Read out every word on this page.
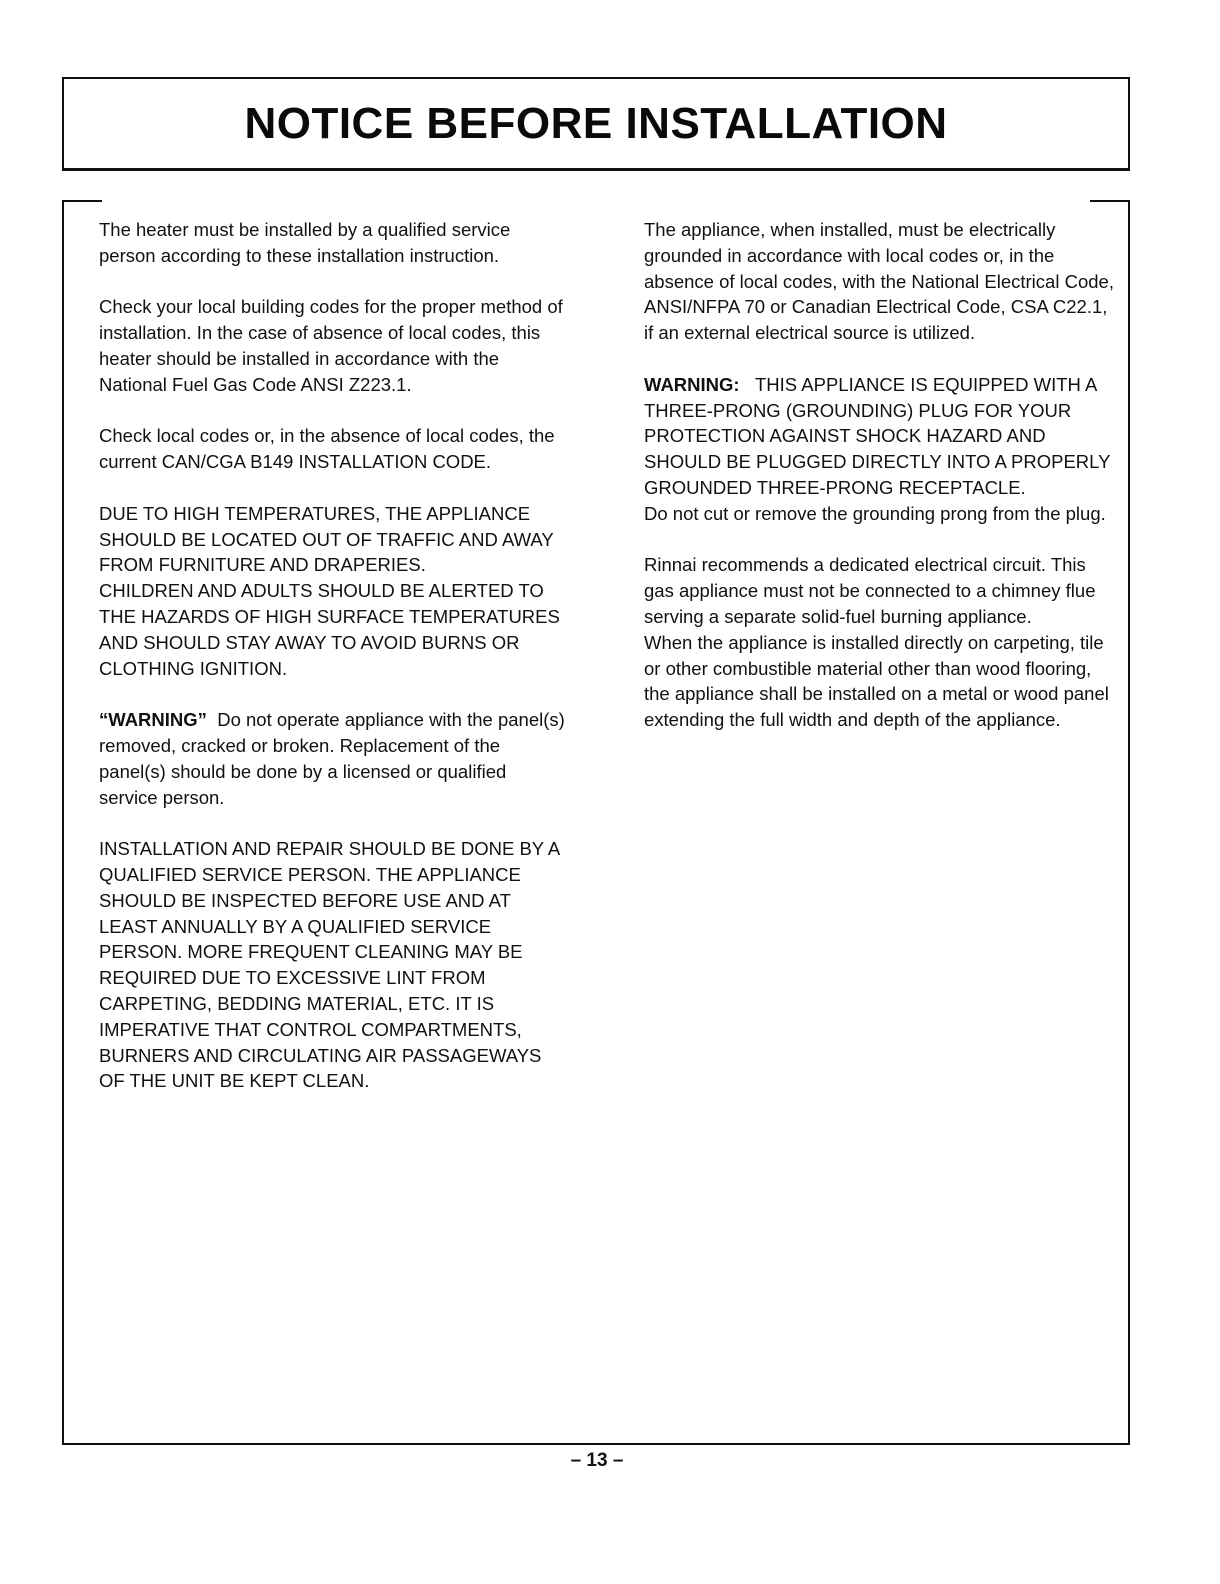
NOTICE BEFORE INSTALLATION

The heater must be installed by a qualified service person according to these installation instruction.

Check your local building codes for the proper method of installation. In the case of absence of local codes, this heater should be installed in accordance with the National Fuel Gas Code ANSI Z223.1.

Check local codes or, in the absence of local codes, the current CAN/CGA B149 INSTALLATION CODE.

DUE TO HIGH TEMPERATURES, THE APPLIANCE SHOULD BE LOCATED OUT OF TRAFFIC AND AWAY FROM FURNITURE AND DRAPERIES.

CHILDREN AND ADULTS SHOULD BE ALERTED TO THE HAZARDS OF HIGH SURFACE TEMPERATURES AND SHOULD STAY AWAY TO AVOID BURNS OR CLOTHING IGNITION.

“WARNING” Do not operate appliance with the panel(s) removed, cracked or broken. Replacement of the panel(s) should be done by a licensed or qualified service person.

INSTALLATION AND REPAIR SHOULD BE DONE BY A QUALIFIED SERVICE PERSON. THE APPLIANCE SHOULD BE INSPECTED BEFORE USE AND AT LEAST ANNUALLY BY A QUALIFIED SERVICE PERSON. MORE FREQUENT CLEANING MAY BE REQUIRED DUE TO EXCESSIVE LINT FROM CARPETING, BEDDING MATERIAL, ETC. IT IS IMPERATIVE THAT CONTROL COMPARTMENTS, BURNERS AND CIRCULATING AIR PASSAGEWAYS OF THE UNIT BE KEPT CLEAN.

The appliance, when installed, must be electrically grounded in accordance with local codes or, in the absence of local codes, with the National Electrical Code, ANSI/NFPA 70 or Canadian Electrical Code, CSA C22.1, if an external electrical source is utilized.

WARNING: THIS APPLIANCE IS EQUIPPED WITH A THREE-PRONG (GROUNDING) PLUG FOR YOUR PROTECTION AGAINST SHOCK HAZARD AND SHOULD BE PLUGGED DIRECTLY INTO A PROPERLY GROUNDED THREE-PRONG RECEPTACLE.

Do not cut or remove the grounding prong from the plug.

Rinnai recommends a dedicated electrical circuit. This gas appliance must not be connected to a chimney flue serving a separate solid-fuel burning appliance.

When the appliance is installed directly on carpeting, tile or other combustible material other than wood flooring, the appliance shall be installed on a metal or wood panel extending the full width and depth of the appliance.

– 13 –
